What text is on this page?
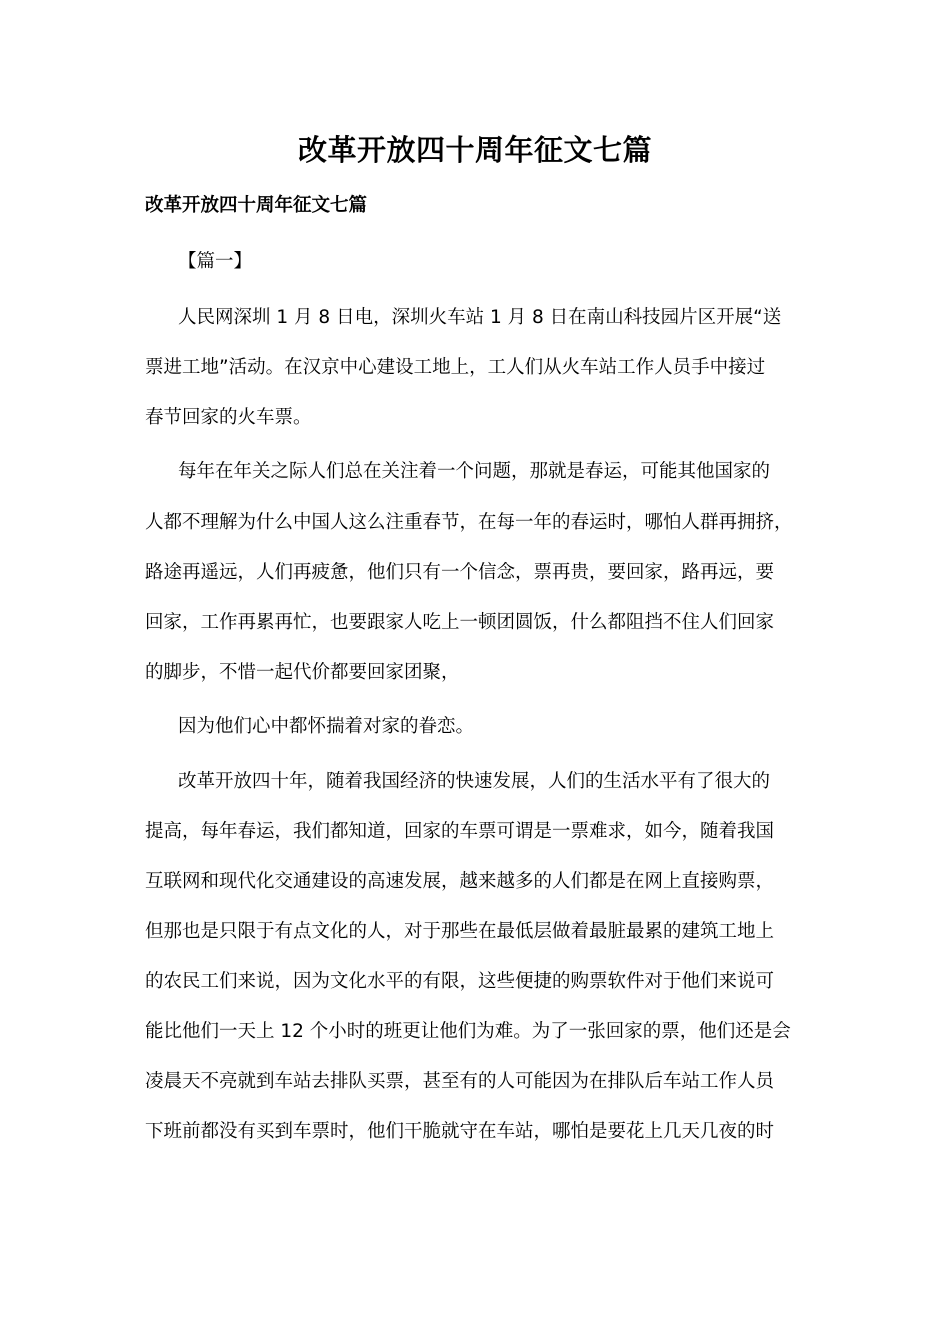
改革开放四十周年征文七篇

改革开放四十周年征文七篇

【篇一】

人民网深圳 1 月 8 日电，深圳火车站 1 月 8 日在南山科技园片区开展“送

票进工地”活动。在汉京中心建设工地上，工人们从火车站工作人员手中接过

春节回家的火车票。

每年在年关之际人们总在关注着一个问题，那就是春运，可能其他国家的

人都不理解为什么中国人这么注重春节，在每一年的春运时，哪怕人群再拥挤，

路途再遥远，人们再疲惫，他们只有一个信念，票再贵，要回家，路再远，要

回家，工作再累再忙，也要跟家人吃上一顿团圆饭，什么都阻挡不住人们回家

的脚步，不惜一起代价都要回家团聚，

因为他们心中都怀揣着对家的眷恋。

改革开放四十年，随着我国经济的快速发展，人们的生活水平有了很大的

提高，每年春运，我们都知道，回家的车票可谓是一票难求，如今，随着我国

互联网和现代化交通建设的高速发展，越来越多的人们都是在网上直接购票，

但那也是只限于有点文化的人，对于那些在最低层做着最脏最累的建筑工地上

的农民工们来说，因为文化水平的有限，这些便捷的购票软件对于他们来说可

能比他们一天上 12 个小时的班更让他们为难。为了一张回家的票，他们还是会

凌晨天不亮就到车站去排队买票，甚至有的人可能因为在排队后车站工作人员

下班前都没有买到车票时，他们干脆就守在车站，哪怕是要花上几天几夜的时
